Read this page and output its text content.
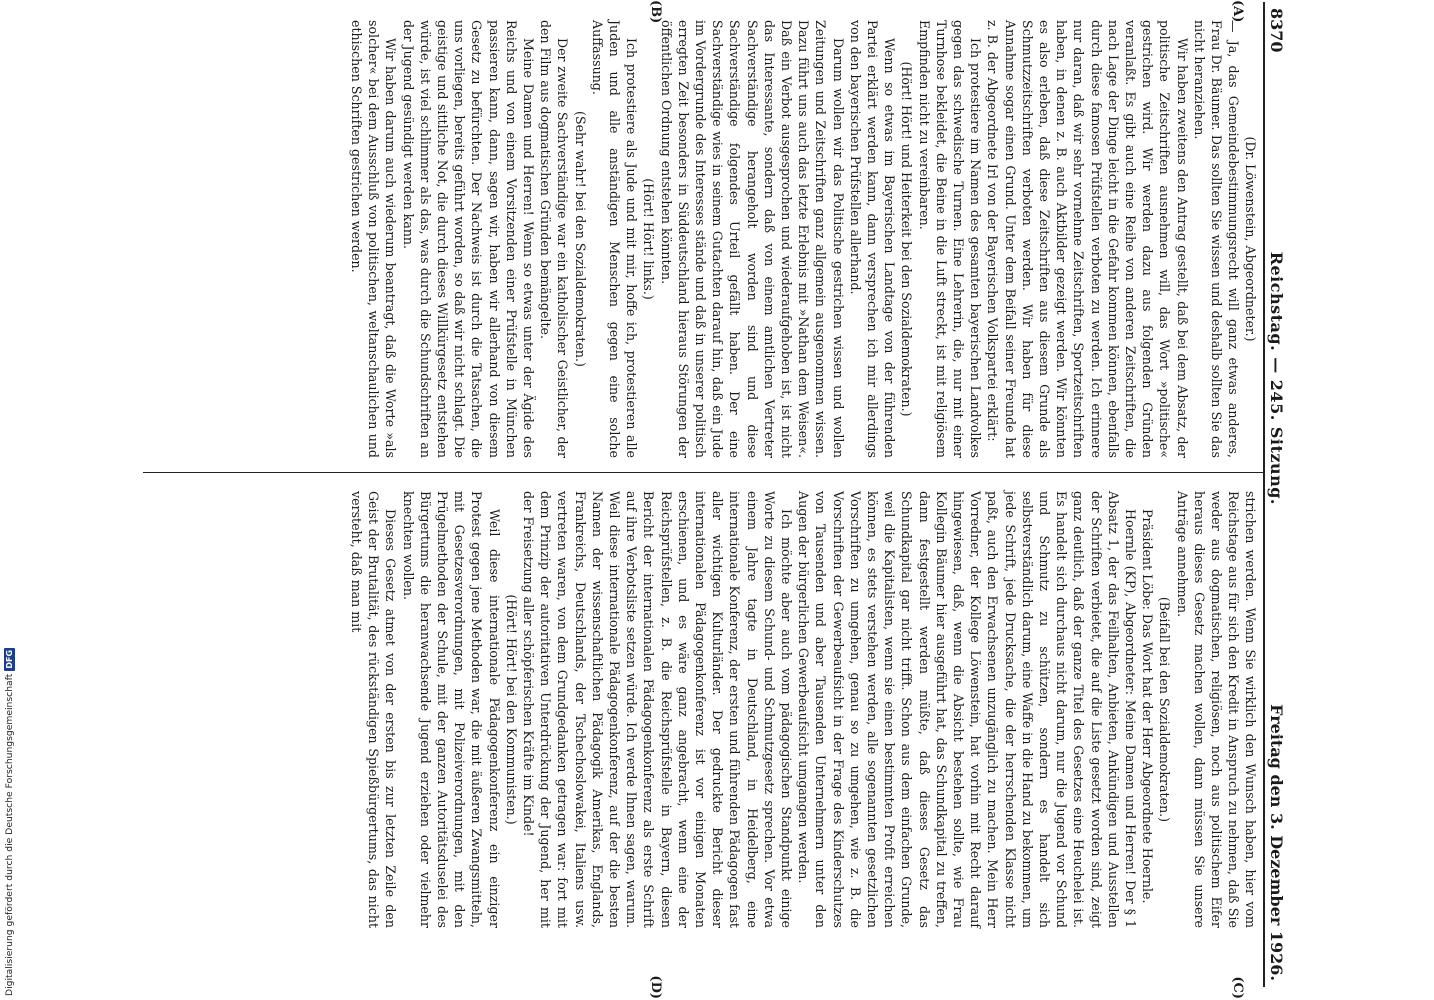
8370
Reichstag. — 245. Sitzung.
Freitag den 3. Dezember 1926.

(Dr. Löwenstein, Abgeordneter.)

— Ja, das Gemeindebestimmungsrecht will ganz etwas anderes, Frau Dr. Bäumer. Das sollten Sie wissen und deshalb sollten Sie das nicht heranziehen.

Wir haben zweitens den Antrag gestellt, daß bei dem Absatz, der politische Zeitschriften ausnehmen will, das Wort »politische« gestrichen wird. Wir werden dazu aus folgenden Gründen veranlaßt. Es gibt auch eine Reihe von anderen Zeitschriften, die nach Lage der Dinge leicht in die Gefahr kommen können, ebenfalls durch diese famosen Prüfstellen verboten zu werden. Ich erinnere nur daran, daß wir sehr vornehme Zeitschriften, Sportzeitschriften haben, in denen z. B. auch Aktbilder gezeigt werden. Wir könnten es also erleben, daß diese Zeitschriften aus diesem Grunde als Schmutzzeitschriften verboten werden. Wir haben für diese Annahme sogar einen Grund. Unter dem Beifall seiner Freunde hat z. B. der Abgeordnete Irl von der Bayerischen Volkspartei erklärt:

Ich protestiere im Namen des gesamten bayerischen Landvolkes gegen das schwedische Turnen. Eine Lehrerin, die, nur mit einer Turnhose bekleidet, die Beine in die Luft streckt, ist mit religiösem Empfinden nicht zu vereinbaren.

(Hört! Hört! und Heiterkeit bei den Sozialdemokraten.)

Wenn so etwas im Bayerischen Landtage von der führenden Partei erklärt werden kann, dann versprechen ich mir allerdings von den bayerischen Prüfstellen allerhand.

Darum wollen wir das Politische gestrichen wissen und wollen Zeitungen und Zeitschriften ganz allgemein ausgenommen wissen. Dazu führt uns auch das letzte Erlebnis mit »Nathan dem Weisen«. Daß ein Verbot ausgesprochen und wiederaufgehoben ist, ist nicht das Interessante, sondern daß von einem amtlichen Vertreter Sachverständige herangeholt worden sind und diese Sachverständige folgendes Urteil gefällt haben. Der eine Sachverständige wies in seinem Gutachten darauf hin, daß ein Jude im Vordergrunde des Interesses stände und daß in unserer politisch erregten Zeit besonders in Süddeutschland hieraus Störungen der öffentlichen Ordnung entstehen könnten.

(Hört! Hört! links.)

Ich protestiere als Jude und mit mir, hoffe ich, protestieren alle Juden und alle anständigen Menschen gegen eine solche Auffassung.

(Sehr wahr! bei den Sozialdemokraten.)

Der zweite Sachverständige war ein katholischer Geistlicher, der den Film aus dogmatischen Gründen bemängelte.

Meine Damen und Herren! Wenn so etwas unter der Ägide des Reichs und von einem Vorsitzenden einer Prüfstelle in München passieren kann, dann, sagen wir, haben wir allerhand von diesem Gesetz zu befürchten. Der Nachweis ist durch die Tatsachen, die uns vorliegen, bereits geführt worden, so daß wir nicht schlagt. Die geistige und sittliche Not, die durch dieses Willkürgesetz entstehen würde, ist viel schlimmer als das, was durch die Schundschriften an der Jugend gesündigt werden kann.

Wir haben darum auch wiederum beantragt, daß die Worte »als solcher« bei dem Ausschluß von politischen, weltanschaulichen und ethischen Schriften gestrichen werden.

strichen werden. Wenn Sie wirklich den Wunsch haben, hier vom Reichstage aus für sich den Kredit in Anspruch zu nehmen, daß Sie weder aus dogmatischen, religiösen, noch aus politischem Eifer heraus dieses Gesetz machen wollen, dann müssen Sie unsere Anträge annehmen.

(Beifall bei den Sozialdemokraten.)

Präsident Löbe: Das Wort hat der Herr Abgeordnete Hoernle.

Hoernle (KP), Abgeordneter: Meine Damen und Herren! Der § 1 Absatz 1, der das Feilhalten, Anbieten, Ankündigen und Ausstellen der Schriften verbietet, die auf die Liste gesetzt worden sind, zeigt ganz deutlich, daß der ganze Titel des Gesetzes eine Heuchelei ist. Es handelt sich durchaus nicht darum, nur die Jugend vor Schund und Schmutz zu schützen, sondern es handelt sich selbstverständlich darum, eine Waffe in die Hand zu bekommen, um jede Schrift, jede Drucksache, die der herrschenden Klasse nicht paßt, auch den Erwachsenen unzugänglich zu machen. Mein Herr Vorredner, der Kollege Löwenstein, hat vorhin mit Recht darauf hingewiesen, daß, wenn die Absicht bestehen sollte, wie Frau Kollegin Bäumer hier ausgeführt hat, das Schundkapital zu treffen, dann festgestellt werden müßte, daß dieses Gesetz das Schundkapital gar nicht trifft. Schon aus dem einfachen Grunde, weil die Kapitalisten, wenn sie einen bestimmten Profit erreichen können, es stets verstehen werden, alle sogenannten gesetzlichen Vorschriften zu umgehen, genau so zu umgehen, wie z. B. die Vorschriften der Gewerbeaufsicht in der Frage des Kinderschutzes von Tausenden und aber Tausenden Unternehmern unter den Augen der bürgerlichen Gewerbeaufsicht umgangen werden.

Ich möchte aber auch vom pädagogischen Standpunkt einige Worte zu diesem Schund- und Schmutzgesetz sprechen. Vor etwa einem Jahre tagte in Deutschland, in Heidelberg, eine internationale Konferenz, der ersten und führenden Pädagogen fast aller wichtigen Kulturländer. Der gedruckte Bericht dieser internationalen Pädagogenkonferenz ist vor einigen Monaten erschienen, und es wäre ganz angebracht, wenn eine der Reichsprüfstellen, z. B. die Reichsprüfstelle in Bayern, diesen Bericht der internationalen Pädagogenkonferenz als erste Schrift auf ihre Verbotsliste setzen würde. Ich werde Ihnen sagen, warum. Weil diese internationale Pädagogenkonferenz, auf der die besten Namen der wissenschaftlichen Pädagogik Amerikas, Englands, Frankreichs, Deutschlands, der Tschechoslowakei, Italiens usw. vertreten waren, von dem Grundgedanken getragen war: fort mit dem Prinzip der autoritativen Unterdrückung der Jugend, her mit der Freisetzung aller schöpferischen Kräfte im Kinde!

(Hört! Hört! bei den Kommunisten.)

Weil diese internationale Pädagogenkonferenz ein einziger Protest gegen jene Methoden war, die mit äußeren Zwangsmitteln, mit Gesetzesverordnungen, mit Polizeiverordnungen, mit den Prügelmethoden der Schule, mit der ganzen Autoritätsduselei des Bürgertums die heranwachsende Jugend erziehen oder vielmehr knechten wollen.

Dieses Gesetz atmet von der ersten bis zur letzten Zeile den Geist der Brutalität, des rückständigen Spießbürgertums, das nicht versteht, daß man mit

(A)
(B)
(C)
(D)
Digitalisierung gefördert durch die Deutsche Forschungsgemeinschaft
DFG
